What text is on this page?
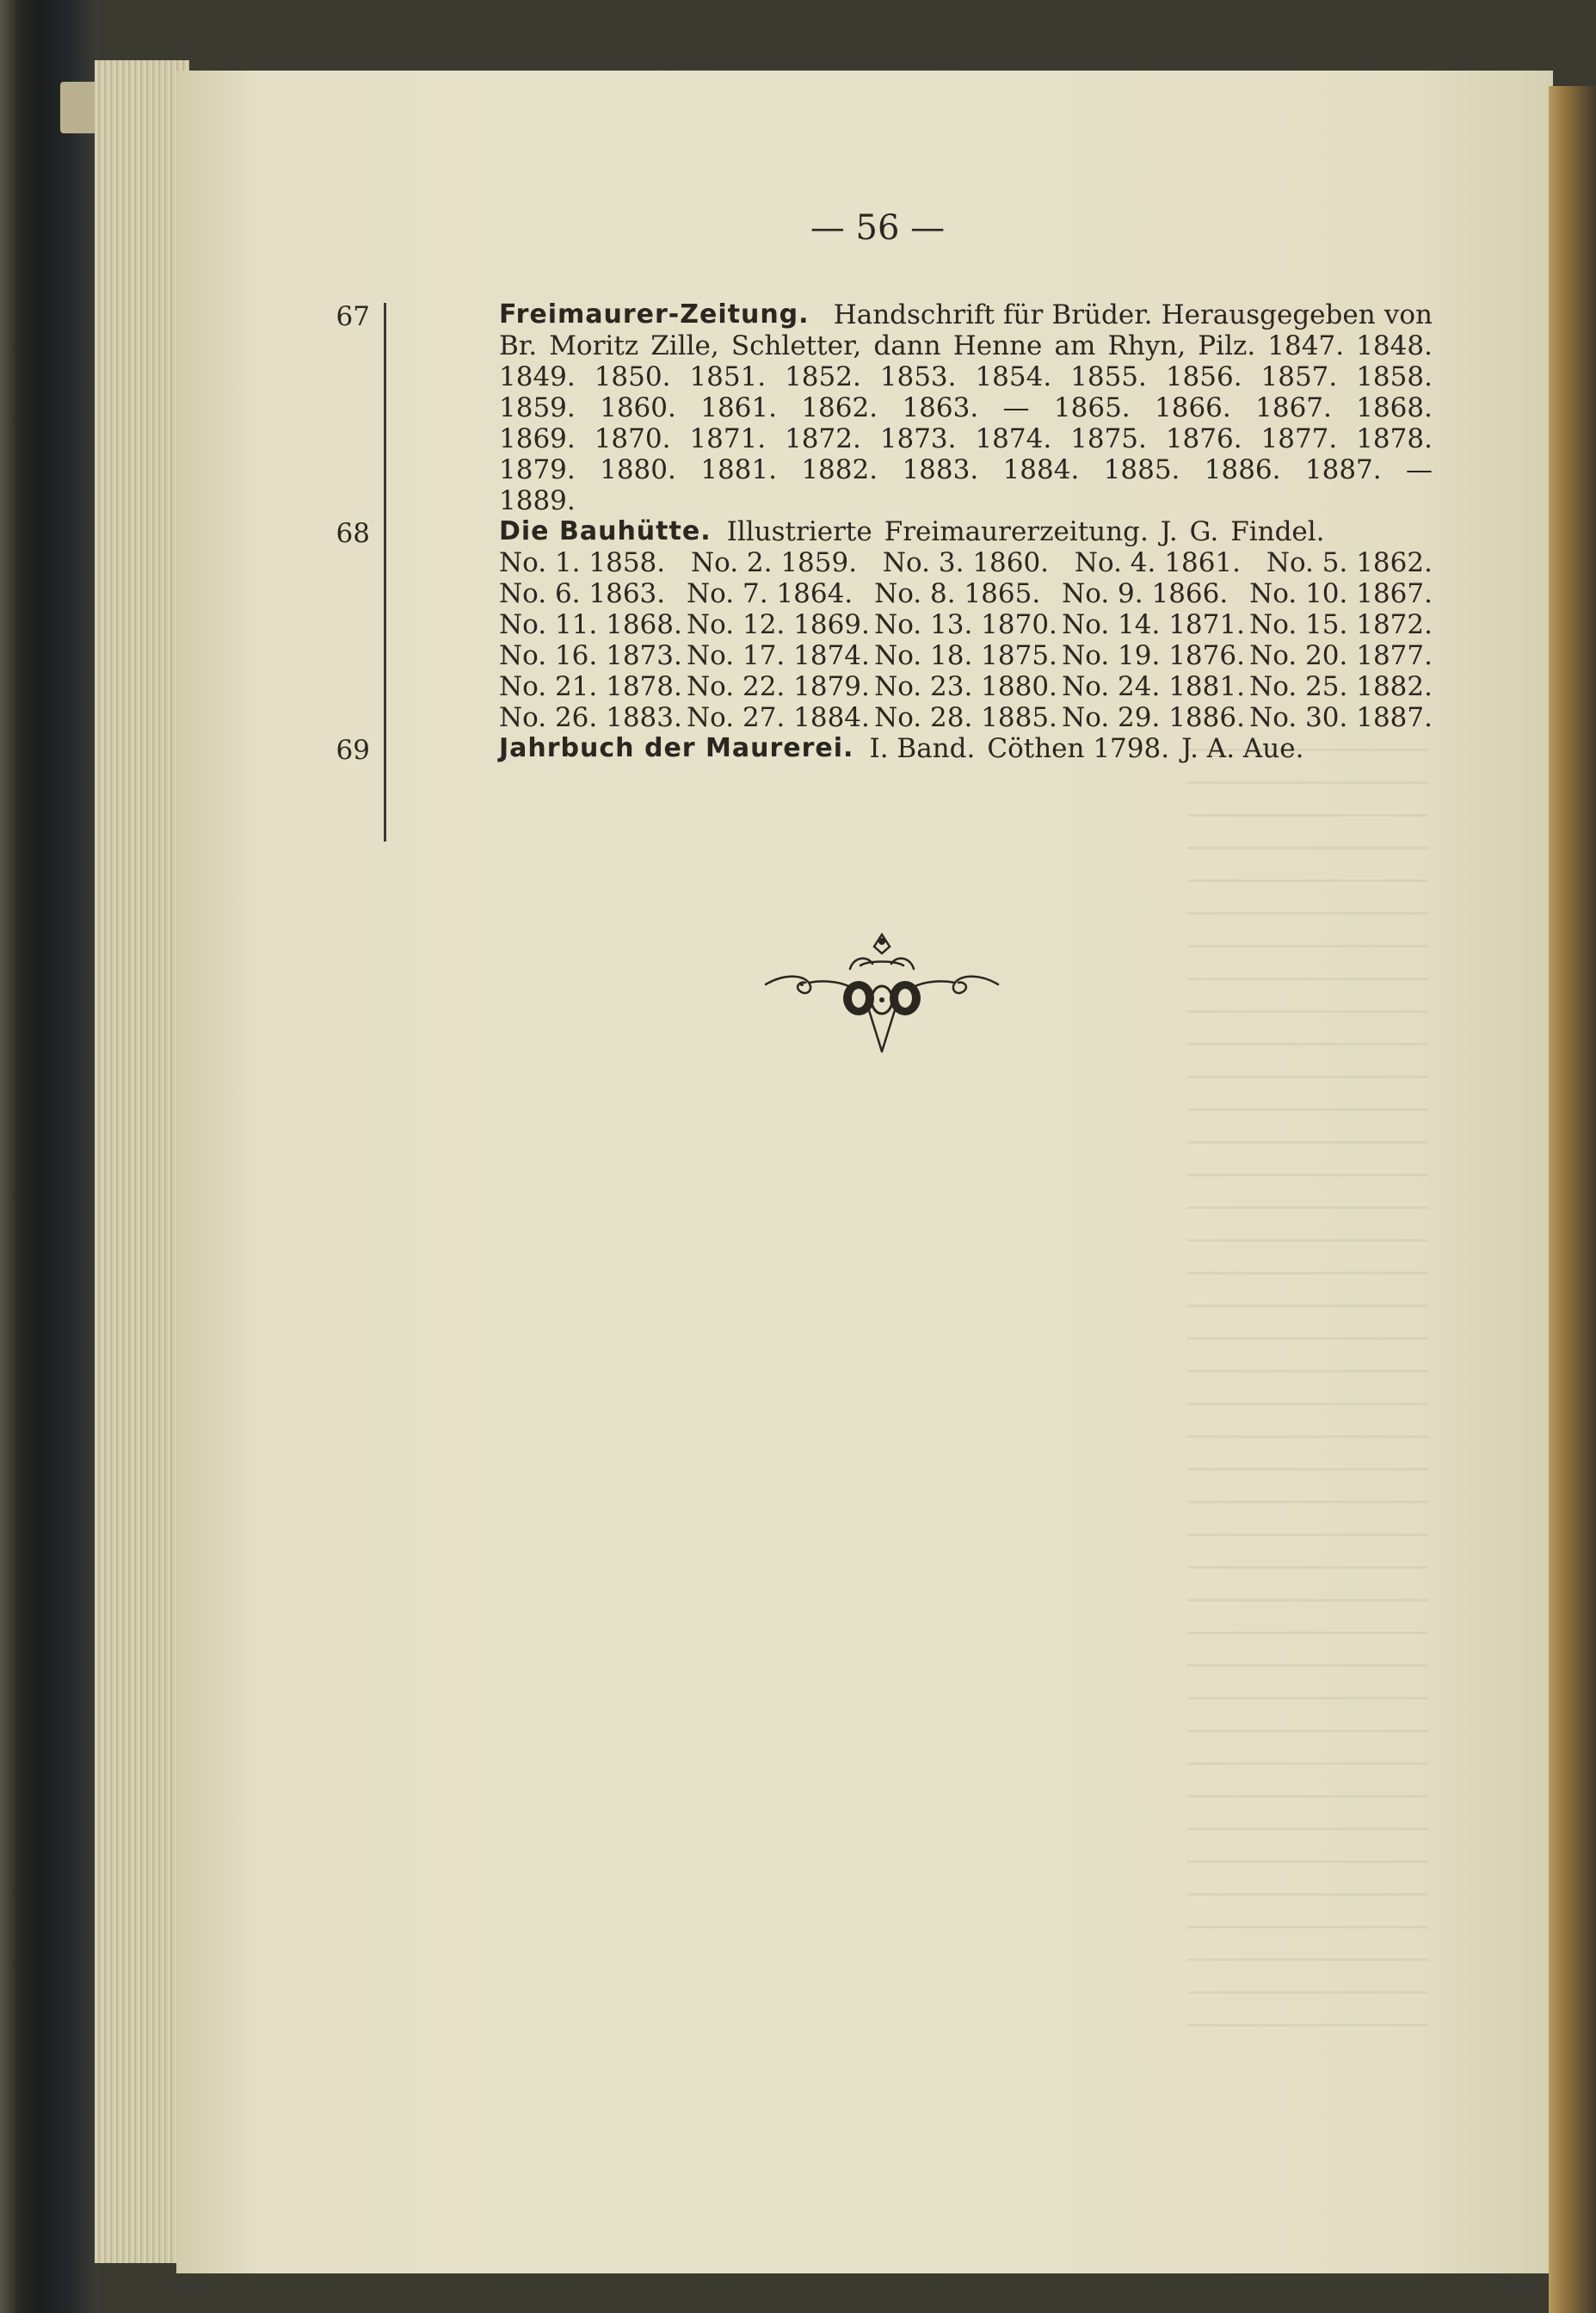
— 56 —
67	Freimaurer-Zeitung. Handschrift für Brüder. Herausgegeben von
Br. Moritz Zille, Schletter, dann Henne am Rhyn, Pilz. 1847. 1848.
1849. 1850. 1851. 1852. 1853. 1854. 1855. 1856. 1857. 1858.
1859. 1860. 1861. 1862. 1863. — 1865. 1866. 1867. 1868.
1869. 1870. 1871. 1872. 1873. 1874. 1875. 1876. 1877. 1878.
1879. 1880. 1881. 1882. 1883. 1884. 1885. 1886. 1887. —
1889.
68	Die Bauhütte. Illustrierte Freimaurerzeitung. J. G. Findel.
No. 1. 1858. No. 2. 1859. No. 3. 1860. No. 4. 1861. No. 5. 1862.
No. 6. 1863. No. 7. 1864. No. 8. 1865. No. 9. 1866. No. 10. 1867.
No. 11. 1868. No. 12. 1869. No. 13. 1870. No. 14. 1871. No. 15. 1872.
No. 16. 1873. No. 17. 1874. No. 18. 1875. No. 19. 1876. No. 20. 1877.
No. 21. 1878. No. 22. 1879. No. 23. 1880. No. 24. 1881. No. 25. 1882.
No. 26. 1883. No. 27. 1884. No. 28. 1885. No. 29. 1886. No. 30. 1887.
69	Jahrbuch der Maurerei. I. Band. Cöthen 1798. J. A. Aue.
